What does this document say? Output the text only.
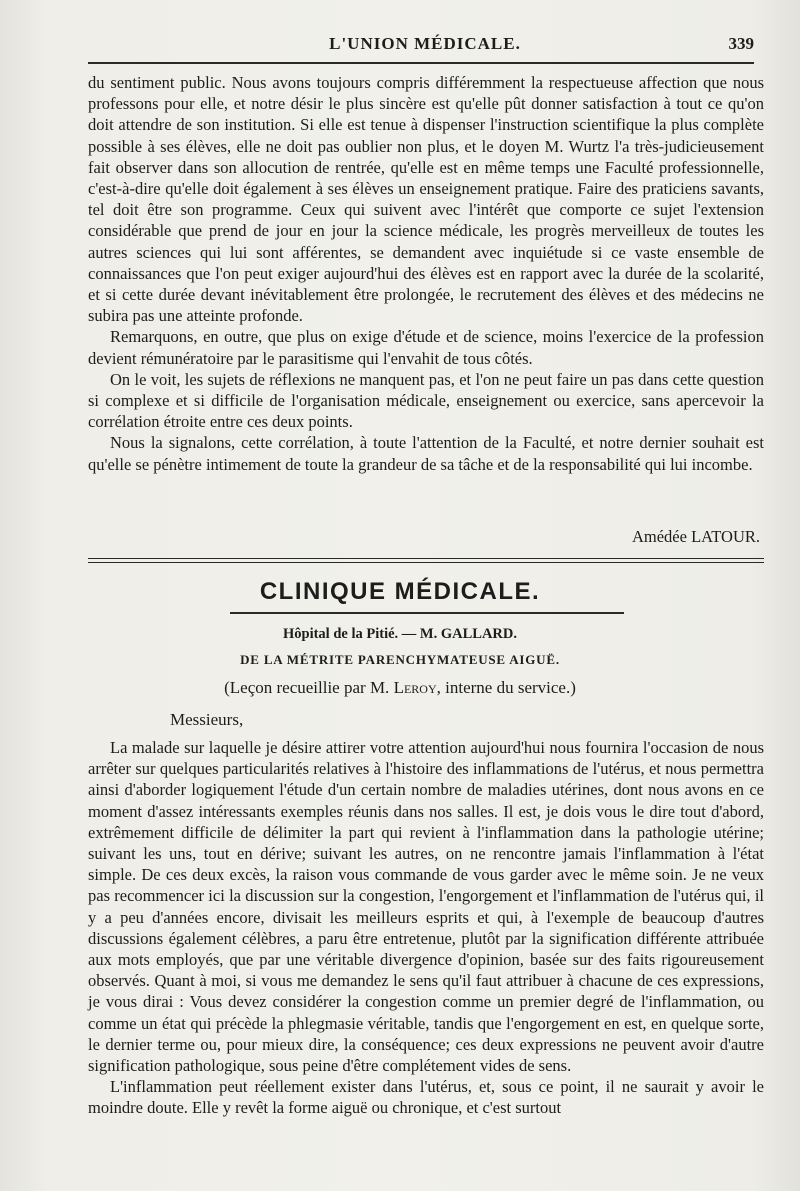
L'UNION MÉDICALE.	339

du sentiment public. Nous avons toujours compris différemment la respectueuse affection que nous professons pour elle, et notre désir le plus sincère est qu'elle pût donner satisfaction à tout ce qu'on doit attendre de son institution. Si elle est tenue à dispenser l'instruction scientifique la plus complète possible à ses élèves, elle ne doit pas oublier non plus, et le doyen M. Wurtz l'a très-judicieusement fait observer dans son allocution de rentrée, qu'elle est en même temps une Faculté professionnelle, c'est-à-dire qu'elle doit également à ses élèves un enseignement pratique. Faire des praticiens savants, tel doit être son programme. Ceux qui suivent avec l'intérêt que comporte ce sujet l'extension considérable que prend de jour en jour la science médicale, les progrès merveilleux de toutes les autres sciences qui lui sont afférentes, se demandent avec inquiétude si ce vaste ensemble de connaissances que l'on peut exiger aujourd'hui des élèves est en rapport avec la durée de la scolarité, et si cette durée devant inévitablement être prolongée, le recrutement des élèves et des médecins ne subira pas une atteinte profonde.

Remarquons, en outre, que plus on exige d'étude et de science, moins l'exercice de la profession devient rémunératoire par le parasitisme qui l'envahit de tous côtés.

On le voit, les sujets de réflexions ne manquent pas, et l'on ne peut faire un pas dans cette question si complexe et si difficile de l'organisation médicale, enseignement ou exercice, sans apercevoir la corrélation étroite entre ces deux points.

Nous la signalons, cette corrélation, à toute l'attention de la Faculté, et notre dernier souhait est qu'elle se pénètre intimement de toute la grandeur de sa tâche et de la responsabilité qui lui incombe.

Amédée LATOUR.
CLINIQUE MÉDICALE.
Hôpital de la Pitié. — M. GALLARD.
DE LA MÉTRITE PARENCHYMATEUSE AIGUË.
(Leçon recueillie par M. Leroy, interne du service.)
Messieurs,

La malade sur laquelle je désire attirer votre attention aujourd'hui nous fournira l'occasion de nous arrêter sur quelques particularités relatives à l'histoire des inflammations de l'utérus, et nous permettra ainsi d'aborder logiquement l'étude d'un certain nombre de maladies utérines, dont nous avons en ce moment d'assez intéressants exemples réunis dans nos salles. Il est, je dois vous le dire tout d'abord, extrêmement difficile de délimiter la part qui revient à l'inflammation dans la pathologie utérine; suivant les uns, tout en dérive; suivant les autres, on ne rencontre jamais l'inflammation à l'état simple. De ces deux excès, la raison vous commande de vous garder avec le même soin. Je ne veux pas recommencer ici la discussion sur la congestion, l'engorgement et l'inflammation de l'utérus qui, il y a peu d'années encore, divisait les meilleurs esprits et qui, à l'exemple de beaucoup d'autres discussions également célèbres, a paru être entretenue, plutôt par la signification différente attribuée aux mots employés, que par une véritable divergence d'opinion, basée sur des faits rigoureusement observés. Quant à moi, si vous me demandez le sens qu'il faut attribuer à chacune de ces expressions, je vous dirai : Vous devez considérer la congestion comme un premier degré de l'inflammation, ou comme un état qui précède la phlegmasie véritable, tandis que l'engorgement en est, en quelque sorte, le dernier terme ou, pour mieux dire, la conséquence; ces deux expressions ne peuvent avoir d'autre signification pathologique, sous peine d'être complétement vides de sens.

L'inflammation peut réellement exister dans l'utérus, et, sous ce point, il ne saurait y avoir le moindre doute. Elle y revêt la forme aiguë ou chronique, et c'est surtout
